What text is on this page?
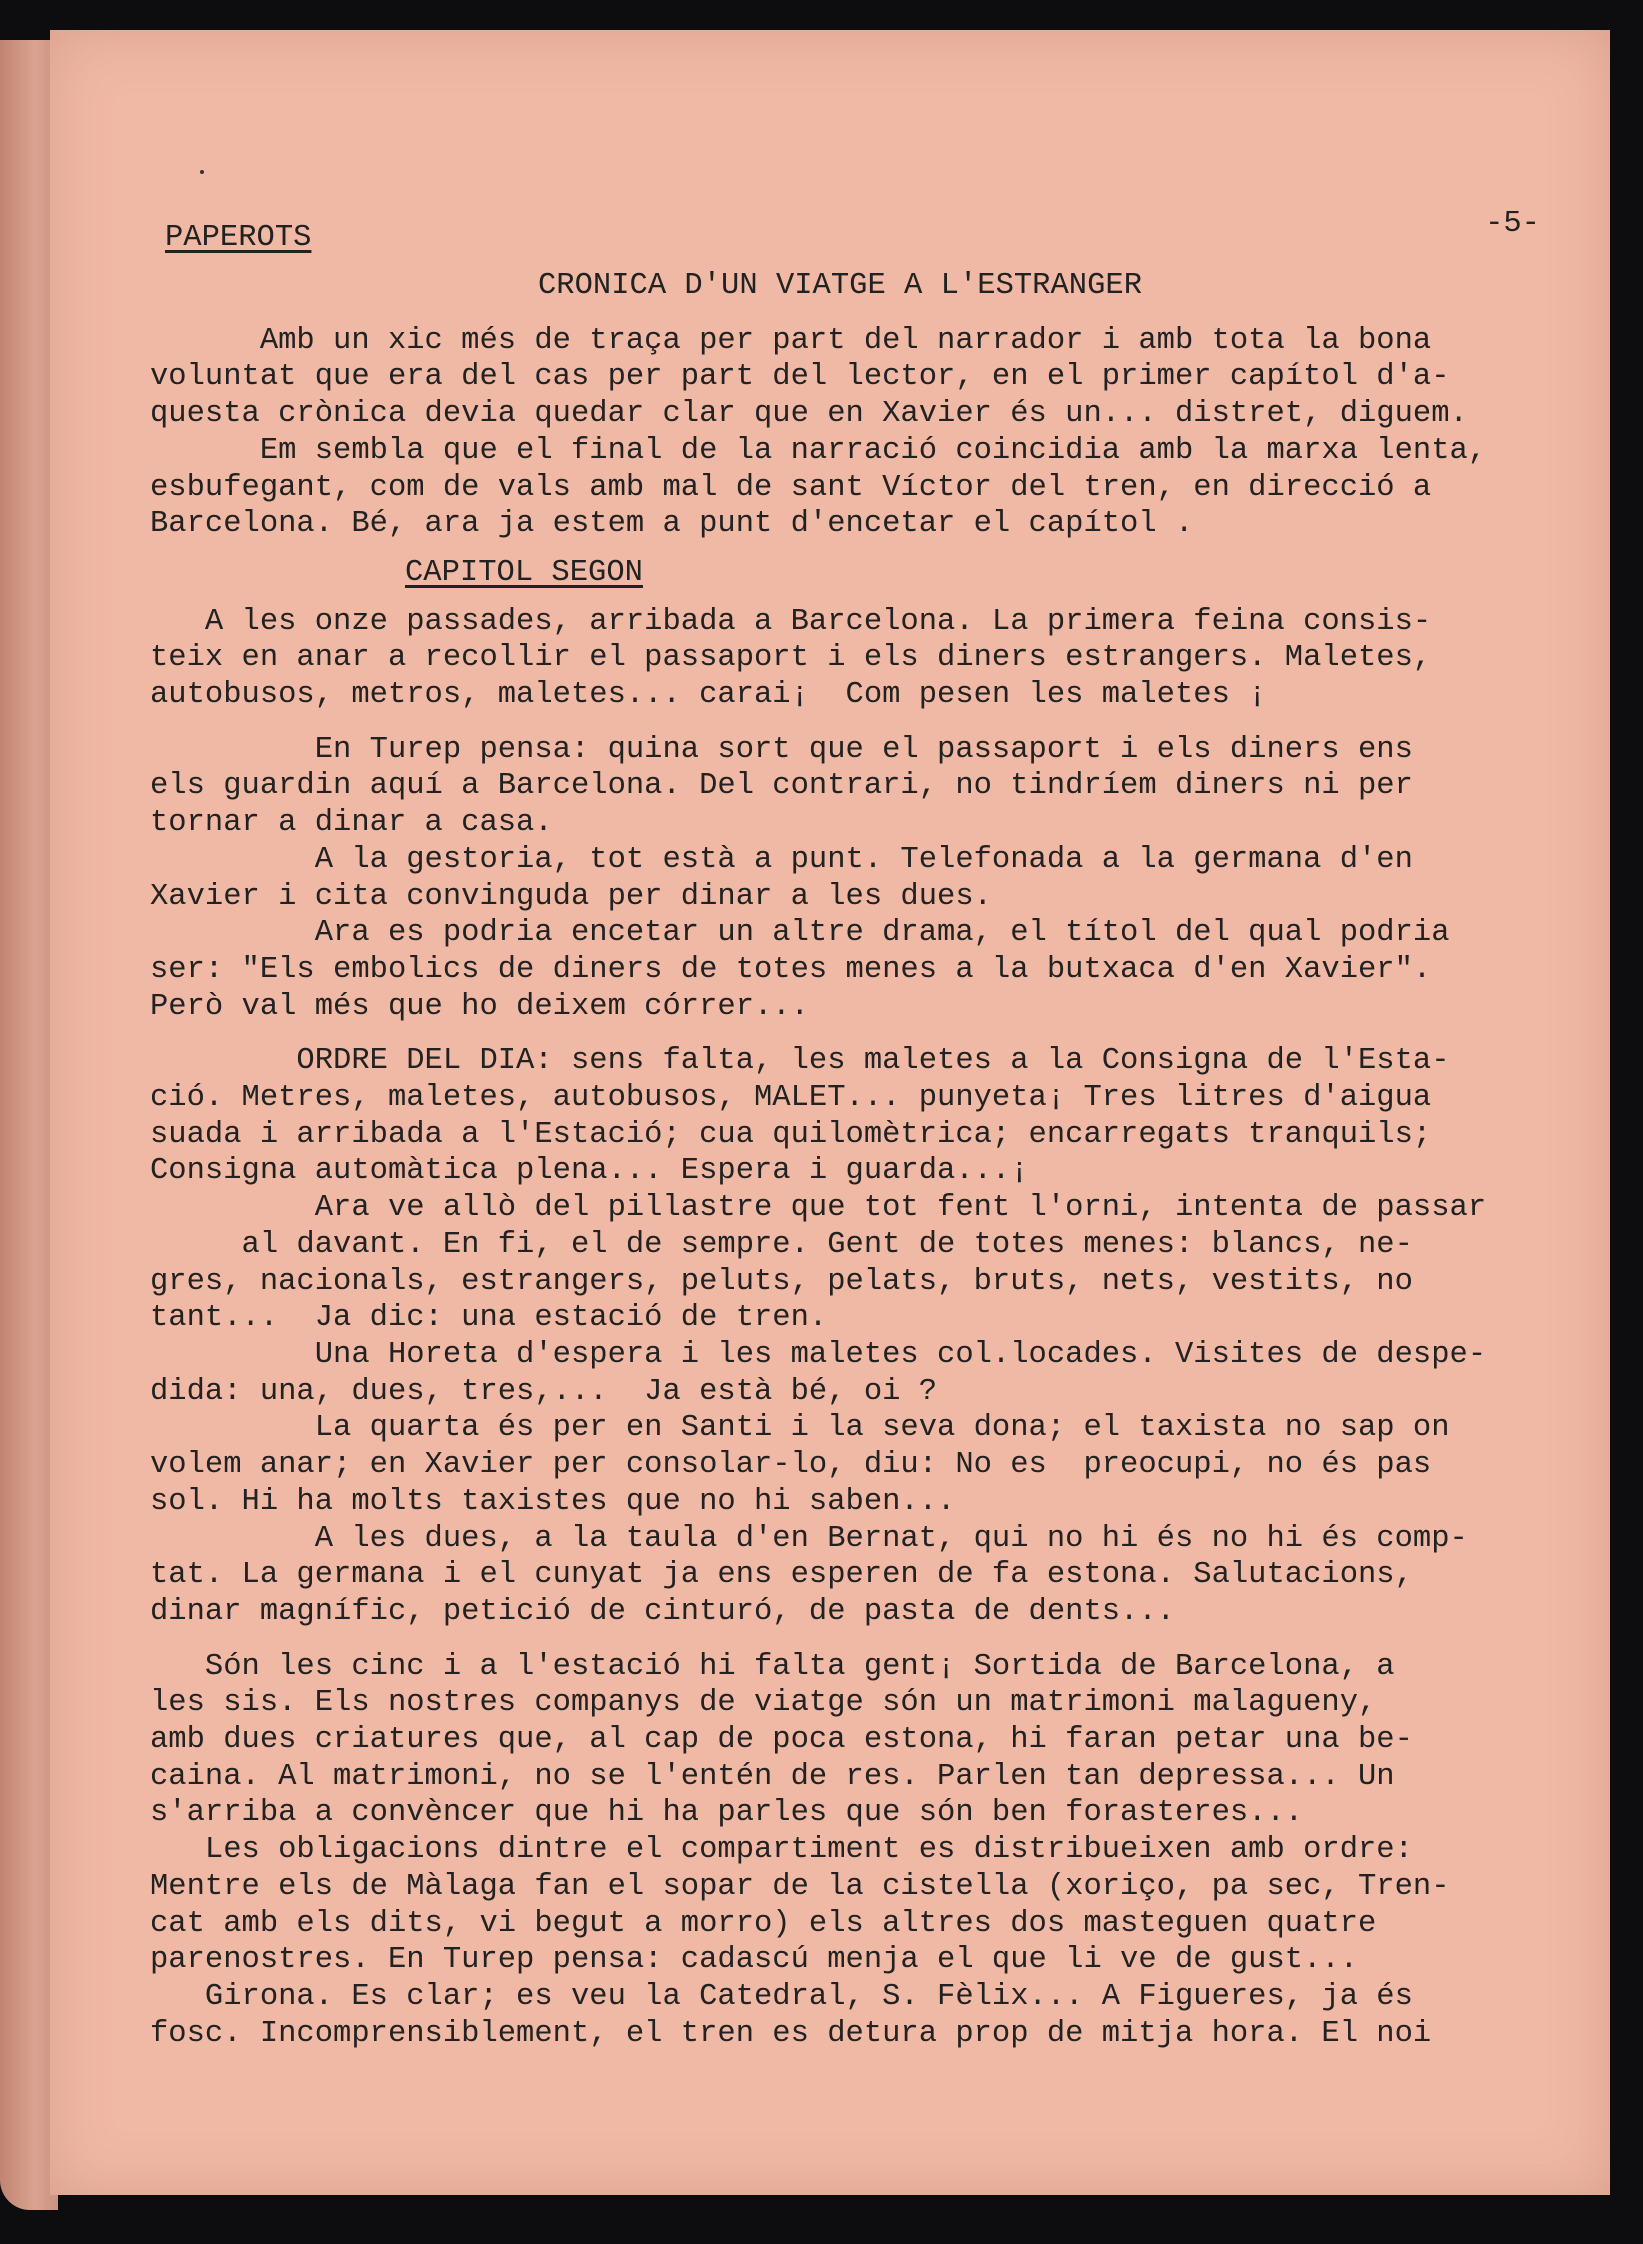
PAPEROTS	-5-
CRONICA D'UN VIATGE A L'ESTRANGER

Amb un xic més de traça per part del narrador i amb tota la bona
voluntat que era del cas per part del lector, en el primer capítol d'a-
questa crònica devia quedar clar que en Xavier és un... distret, diguem.

Em sembla que el final de la narració coincidia amb la marxa lenta,
esbufegant, com de vals amb mal de sant Víctor del tren, en direcció a
Barcelona. Bé, ara ja estem a punt d'encetar el capítol .

CAPITOL SEGON

A les onze passades, arribada a Barcelona. La primera feina consis-
teix en anar a recollir el passaport i els diners estrangers. Maletes,
autobusos, metros, maletes... carai¡  Com pesen les maletes ¡

En Turep pensa: quina sort que el passaport i els diners ens
els guardin aquí a Barcelona. Del contrari, no tindríem diners ni per
tornar a dinar a casa.

A la gestoria, tot està a punt. Telefonada a la germana d'en
Xavier i cita convinguda per dinar a les dues.

Ara es podria encetar un altre drama, el títol del qual podria
ser: "Els embolics de diners de totes menes a la butxaca d'en Xavier".
Però val més que ho deixem córrer...

ORDRE DEL DIA: sens falta, les maletes a la Consigna de l'Esta-
ció. Metres, maletes, autobusos, MALET... punyeta¡ Tres litres d'aigua
suada i arribada a l'Estació; cua quilomètrica; encarregats tranquils;
Consigna automàtica plena... Espera i guarda...¡

Ara ve allò del pillastre que tot fent l'orni, intenta de passar
al davant. En fi, el de sempre. Gent de totes menes: blancs, ne-
gres, nacionals, estrangers, peluts, pelats, bruts, nets, vestits, no
tant...  Ja dic: una estació de tren.

Una Horeta d'espera i les maletes col.locades. Visites de despe-
dida: una, dues, tres,...  Ja està bé, oi ?

La quarta és per en Santi i la seva dona; el taxista no sap on
volem anar; en Xavier per consolar-lo, diu: No es  preocupi, no és pas
sol. Hi ha molts taxistes que no hi saben...

A les dues, a la taula d'en Bernat, qui no hi és no hi és comp-
tat. La germana i el cunyat ja ens esperen de fa estona. Salutacions,
dinar magnífic, petició de cinturó, de pasta de dents...

Són les cinc i a l'estació hi falta gent¡ Sortida de Barcelona, a
les sis. Els nostres companys de viatge són un matrimoni malagueny,
amb dues criatures que, al cap de poca estona, hi faran petar una be-
caina. Al matrimoni, no se l'entén de res. Parlen tan depressa... Un
s'arriba a convèncer que hi ha parles que són ben forasteres...

Les obligacions dintre el compartiment es distribueixen amb ordre:
Mentre els de Màlaga fan el sopar de la cistella (xoriço, pa sec, Tren-
cat amb els dits, vi begut a morro) els altres dos masteguen quatre
parenostres. En Turep pensa: cadascú menja el que li ve de gust...

Girona. Es clar; es veu la Catedral, S. Fèlix... A Figueres, ja és
fosc. Incomprensiblement, el tren es detura prop de mitja hora. El noi
